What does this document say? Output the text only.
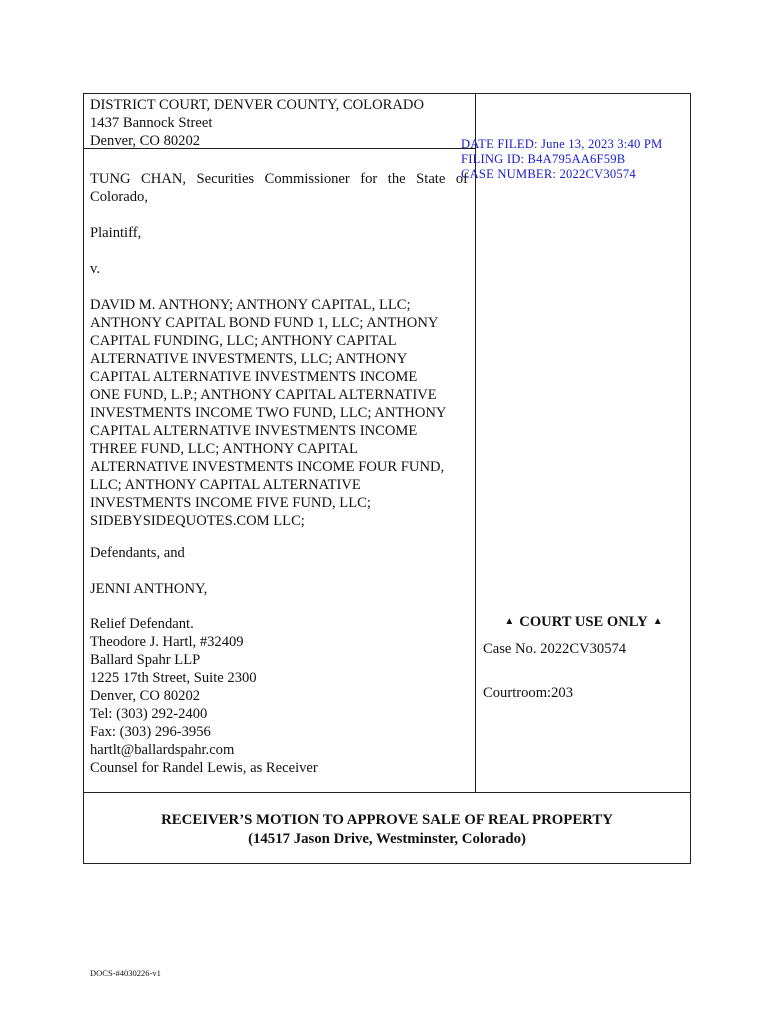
DISTRICT COURT, DENVER COUNTY, COLORADO
1437 Bannock Street
Denver, CO 80202	DATE FILED: June 13, 2023 3:40 PM
FILING ID: B4A795AA6F59B
CASE NUMBER: 2022CV30574
TUNG CHAN, Securities Commissioner for the State of
Colorado,
Plaintiff,
v.
DAVID M. ANTHONY; ANTHONY CAPITAL, LLC;
ANTHONY CAPITAL BOND FUND 1, LLC; ANTHONY
CAPITAL FUNDING, LLC; ANTHONY CAPITAL
ALTERNATIVE INVESTMENTS, LLC; ANTHONY
CAPITAL ALTERNATIVE INVESTMENTS INCOME
ONE FUND, L.P.; ANTHONY CAPITAL ALTERNATIVE
INVESTMENTS INCOME TWO FUND, LLC; ANTHONY
CAPITAL ALTERNATIVE INVESTMENTS INCOME
THREE FUND, LLC; ANTHONY CAPITAL
ALTERNATIVE INVESTMENTS INCOME FOUR FUND,
LLC; ANTHONY CAPITAL ALTERNATIVE
INVESTMENTS INCOME FIVE FUND, LLC;
SIDEBYSIDEQUOTES.COM LLC;
Defendants, and
JENNI ANTHONY,
Relief Defendant.
Theodore J. Hartl, #32409
Ballard Spahr LLP
1225 17th Street, Suite 2300
Denver, CO 80202
Tel: (303) 292-2400
Fax: (303) 296-3956
hartlt@ballardspahr.com
Counsel for Randel Lewis, as Receiver
▲ COURT USE ONLY ▲
Case No. 2022CV30574
Courtroom:203
RECEIVER’S MOTION TO APPROVE SALE OF REAL PROPERTY
(14517 Jason Drive, Westminster, Colorado)
DOCS-#4030226-v1
